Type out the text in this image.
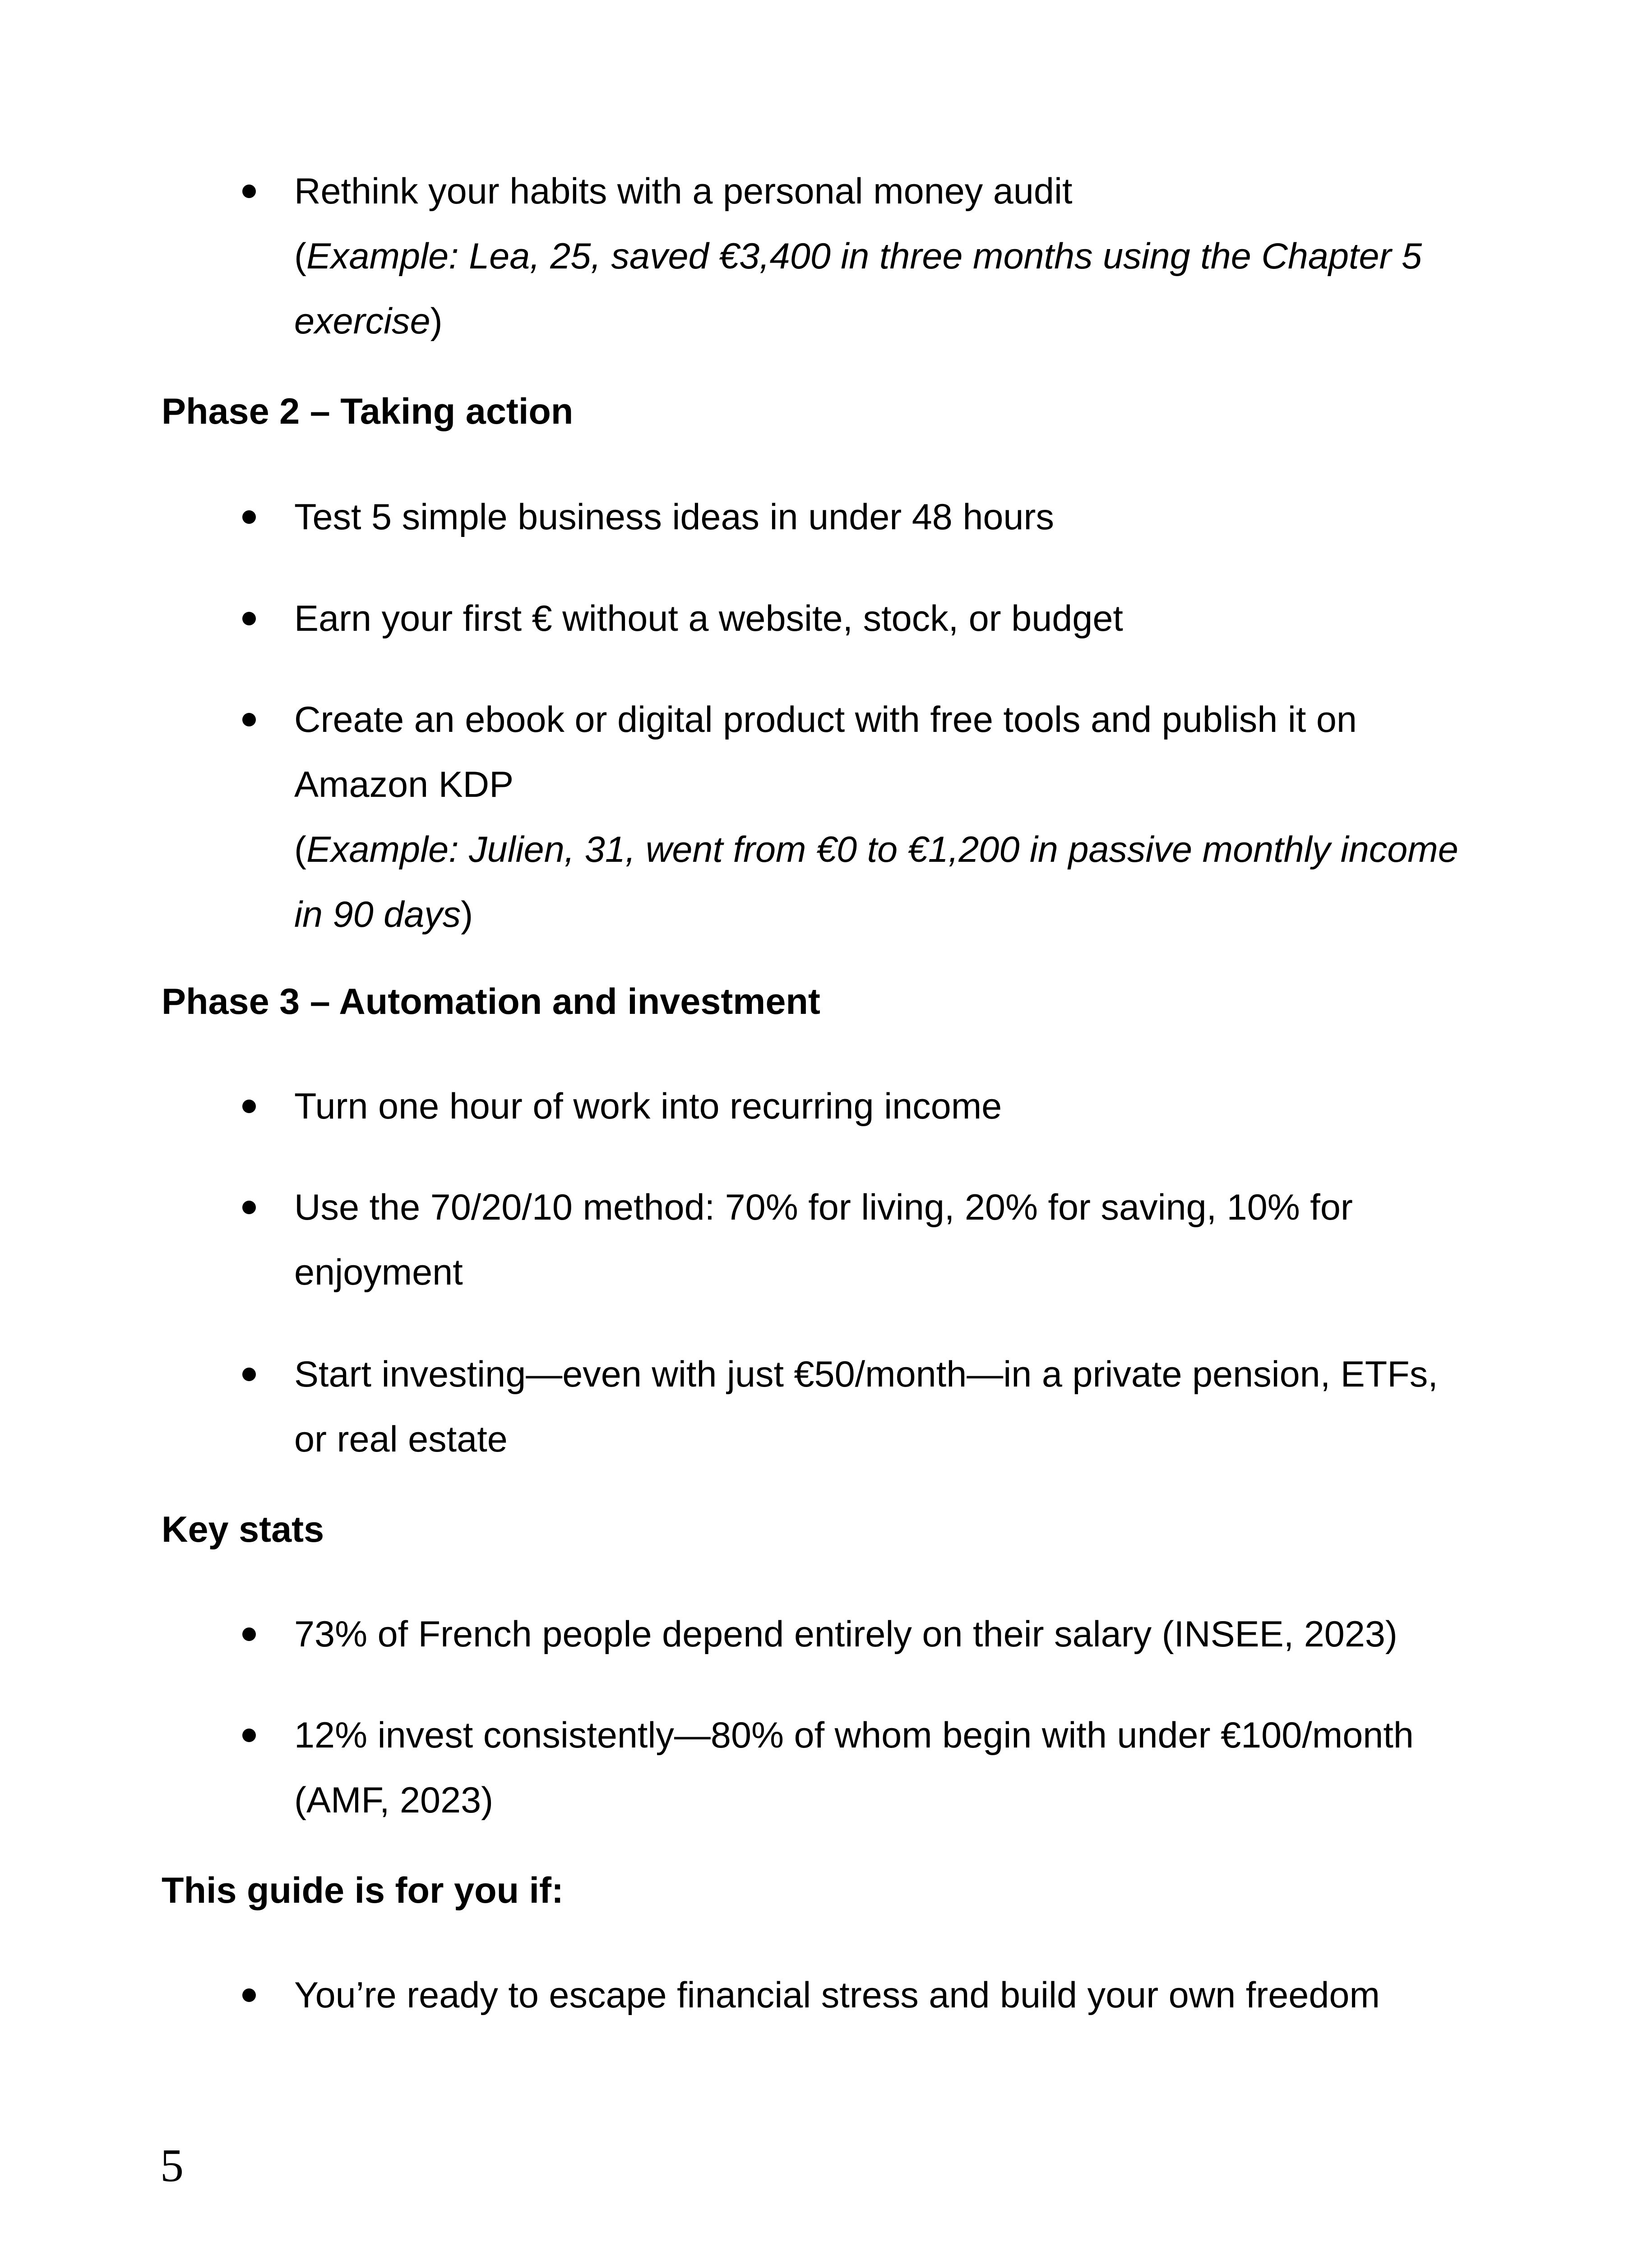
Rethink your habits with a personal money audit
(Example: Lea, 25, saved €3,400 in three months using the Chapter 5
exercise)
Phase 2 – Taking action
Test 5 simple business ideas in under 48 hours
Earn your first € without a website, stock, or budget
Create an ebook or digital product with free tools and publish it on
Amazon KDP
(Example: Julien, 31, went from €0 to €1,200 in passive monthly income
in 90 days)
Phase 3 – Automation and investment
Turn one hour of work into recurring income
Use the 70/20/10 method: 70% for living, 20% for saving, 10% for
enjoyment
Start investing—even with just €50/month—in a private pension, ETFs,
or real estate
Key stats
73% of French people depend entirely on their salary (INSEE, 2023)
12% invest consistently—80% of whom begin with under €100/month
(AMF, 2023)
This guide is for you if:
You’re ready to escape financial stress and build your own freedom
5
